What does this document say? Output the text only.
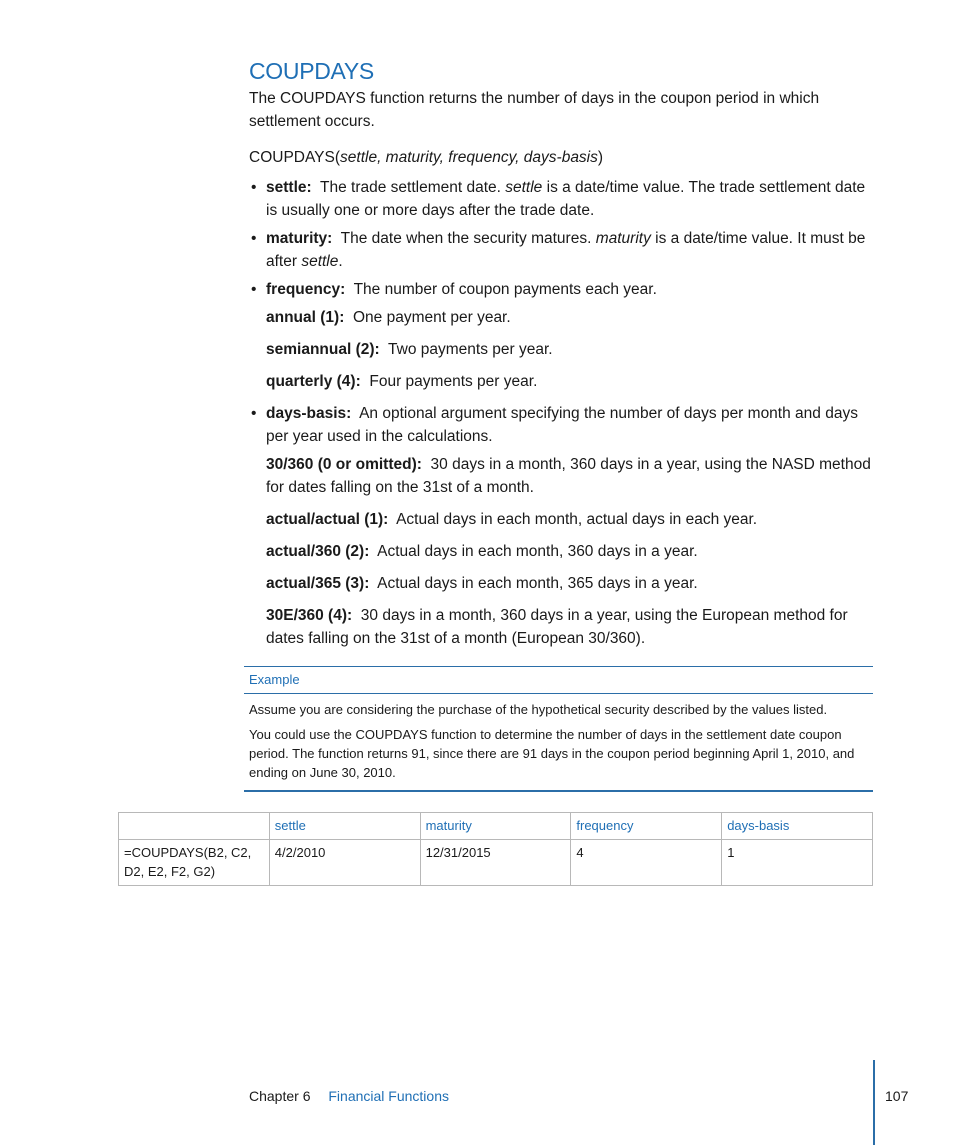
COUPDAYS

The COUPDAYS function returns the number of days in the coupon period in which settlement occurs.

COUPDAYS(settle, maturity, frequency, days-basis)

• settle: The trade settlement date. settle is a date/time value. The trade settlement date is usually one or more days after the trade date.
• maturity: The date when the security matures. maturity is a date/time value. It must be after settle.
• frequency: The number of coupon payments each year.

annual (1): One payment per year.

semiannual (2): Two payments per year.

quarterly (4): Four payments per year.

• days-basis: An optional argument specifying the number of days per month and days per year used in the calculations.

30/360 (0 or omitted): 30 days in a month, 360 days in a year, using the NASD method for dates falling on the 31st of a month.

actual/actual (1): Actual days in each month, actual days in each year.

actual/360 (2): Actual days in each month, 360 days in a year.

actual/365 (3): Actual days in each month, 365 days in a year.

30E/360 (4): 30 days in a month, 360 days in a year, using the European method for dates falling on the 31st of a month (European 30/360).

Example

Assume you are considering the purchase of the hypothetical security described by the values listed.

You could use the COUPDAYS function to determine the number of days in the settlement date coupon period. The function returns 91, since there are 91 days in the coupon period beginning April 1, 2010, and ending on June 30, 2010.

	settle	maturity	frequency	days-basis
=COUPDAYS(B2, C2, D2, E2, F2, G2)	4/2/2010	12/31/2015	4	1
Chapter 6 Financial Functions	107
